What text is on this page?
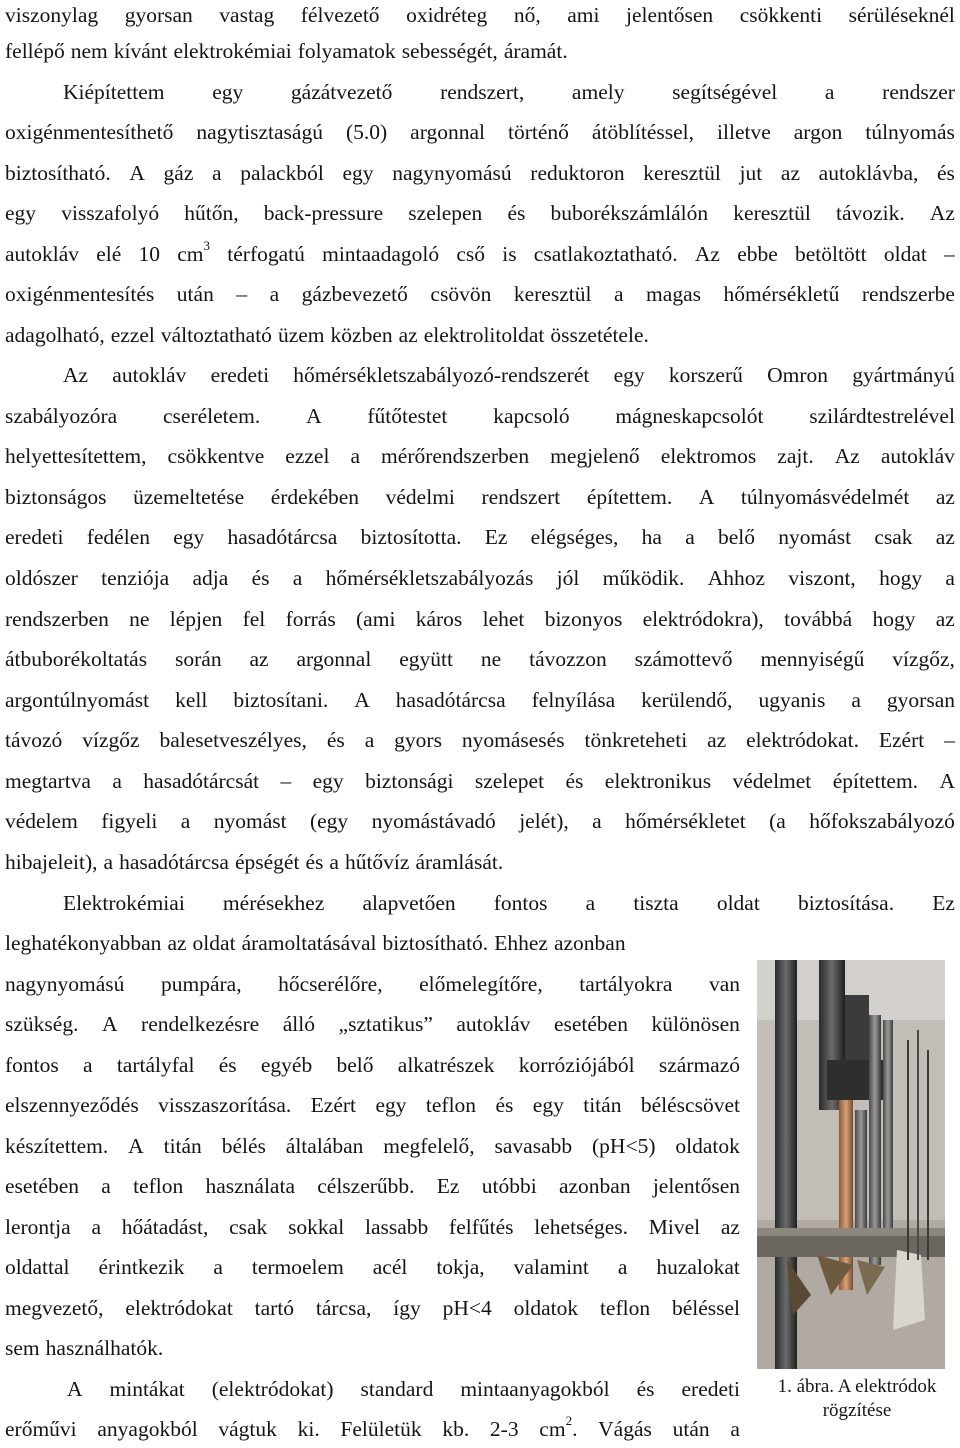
viszonylag gyorsan vastag félvezető oxidréteg nő, ami jelentősen csökkenti sérüléseknél
fellépő nem kívánt elektrokémiai folyamatok sebességét, áramát.
Kiépítettem egy gázátvezető rendszert, amely segítségével a rendszer
oxigénmentesíthető nagytisztaságú (5.0) argonnal történő átöblítéssel, illetve argon túlnyomás
biztosítható. A gáz a palackból egy nagynyomású reduktoron keresztül jut az autoklávba, és
egy visszafolyó hűtőn, back-pressure szelepen és buborékszámlálón keresztül távozik. Az
autokláv elé 10 $cm^3$ térfogatú mintaadagoló cső is csatlakoztatható. Az ebbe betöltött oldat –
oxigénmentesítés után – a gázbevezető csövön keresztül a magas hőmérsékletű rendszerbe
adagolható, ezzel változtatható üzem közben az elektrolitoldat összetétele.
Az autokláv eredeti hőmérsékletszabályozó-rendszerét egy korszerű Omron gyártmányú
szabályozóra cseréletem. A fűtőtestet kapcsoló mágneskapcsolót szilárdtestrelével
helyettesítettem, csökkentve ezzel a mérőrendszerben megjelenő elektromos zajt. Az autokláv
biztonságos üzemeltetése érdekében védelmi rendszert építettem. A túlnyomásvédelmét az
eredeti fedélen egy hasadótárcsa biztosította. Ez elégséges, ha a belő nyomást csak az
oldószer tenziója adja és a hőmérsékletszabályozás jól működik. Ahhoz viszont, hogy a
rendszerben ne lépjen fel forrás (ami káros lehet bizonyos elektródokra), továbbá hogy az
átbuborékoltatás során az argonnal együtt ne távozzon számottevő mennyiségű vízgőz,
argontúlnyomást kell biztosítani. A hasadótárcsa felnyílása kerülendő, ugyanis a gyorsan
távozó vízgőz balesetveszélyes, és a gyors nyomásesés tönkreteheti az elektródokat. Ezért –
megtartva a hasadótárcsát – egy biztonsági szelepet és elektronikus védelmet építettem. A
védelem figyeli a nyomást (egy nyomástávadó jelét), a hőmérsékletet (a hőfokszabályozó
hibajeleit), a hasadótárcsa épségét és a hűtővíz áramlását.
Elektrokémiai mérésekhez alapvetően fontos a tiszta oldat biztosítása. Ez
leghatékonyabban az oldat áramoltatásával biztosítható. Ehhez azonban
nagynyomású pumpára, hőcserélőre, előmelegítőre, tartályokra van
szükség. A rendelkezésre álló „sztatikus” autokláv esetében különösen
fontos a tartályfal és egyéb belő alkatrészek korróziójából származó
elszennyeződés visszaszorítása. Ezért egy teflon és egy titán béléscsövet
készítettem. A titán bélés általában megfelelő, savasabb (pH<5) oldatok
esetében a teflon használata célszerűbb. Ez utóbbi azonban jelentősen
lerontja a hőátadást, csak sokkal lassabb felfűtés lehetséges. Mivel az
oldattal érintkezik a termoelem acél tokja, valamint a huzalokat
megvezető, elektródokat tartó tárcsa, így pH<4 oldatok teflon béléssel
sem használhatók.
A mintákat (elektródokat) standard mintaanyagokból és eredeti
erőművi anyagokból vágtuk ki. Felületük kb. 2-3 $cm^2$. Vágás után a
1. ábra. A elektródok
rögzítése
